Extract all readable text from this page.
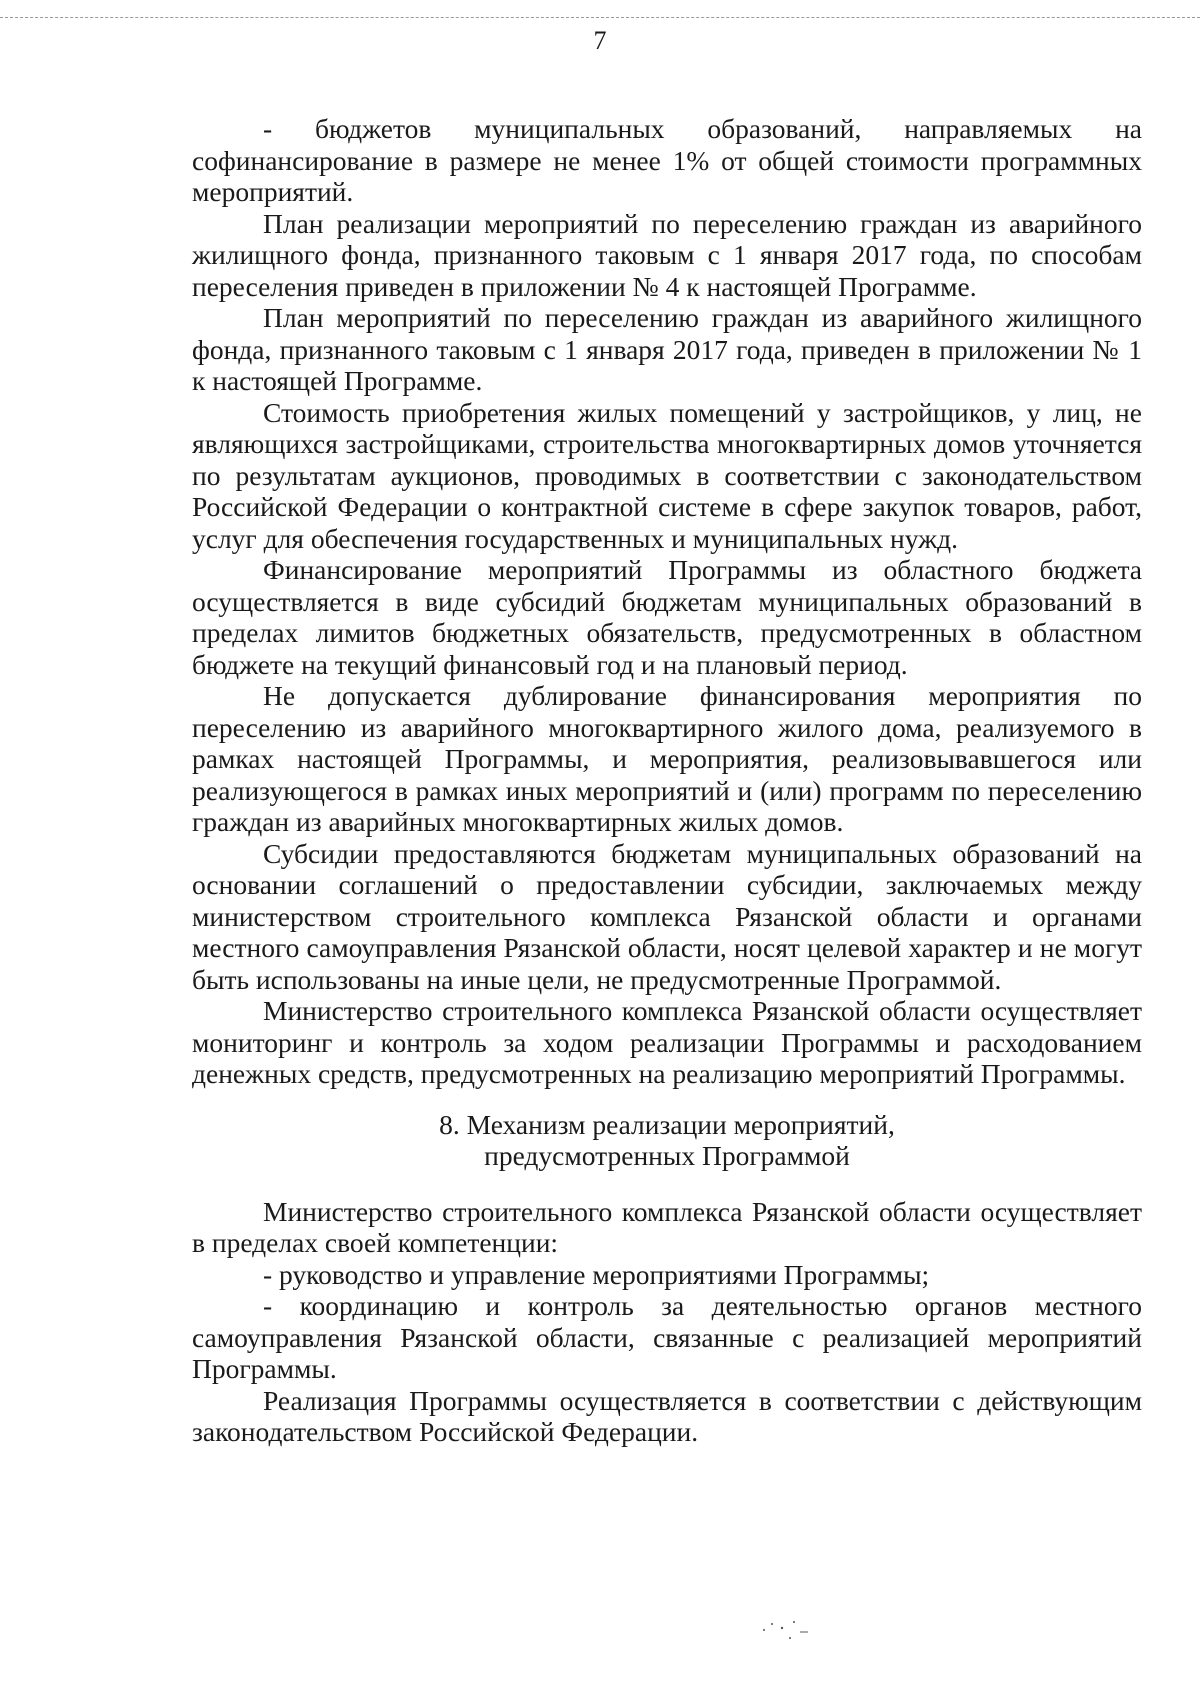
7

- бюджетов муниципальных образований, направляемых на софинансирование в размере не менее 1% от общей стоимости программных мероприятий.

План реализации мероприятий по переселению граждан из аварийного жилищного фонда, признанного таковым с 1 января 2017 года, по способам переселения приведен в приложении № 4 к настоящей Программе.

План мероприятий по переселению граждан из аварийного жилищного фонда, признанного таковым с 1 января 2017 года, приведен в приложении № 1 к настоящей Программе.

Стоимость приобретения жилых помещений у застройщиков, у лиц, не являющихся застройщиками, строительства многоквартирных домов уточняется по результатам аукционов, проводимых в соответствии с законодательством Российской Федерации о контрактной системе в сфере закупок товаров, работ, услуг для обеспечения государственных и муниципальных нужд.

Финансирование мероприятий Программы из областного бюджета осуществляется в виде субсидий бюджетам муниципальных образований в пределах лимитов бюджетных обязательств, предусмотренных в областном бюджете на текущий финансовый год и на плановый период.

Не допускается дублирование финансирования мероприятия по переселению из аварийного многоквартирного жилого дома, реализуемого в рамках настоящей Программы, и мероприятия, реализовывавшегося или реализующегося в рамках иных мероприятий и (или) программ по переселению граждан из аварийных многоквартирных жилых домов.

Субсидии предоставляются бюджетам муниципальных образований на основании соглашений о предоставлении субсидии, заключаемых между министерством строительного комплекса Рязанской области и органами местного самоуправления Рязанской области, носят целевой характер и не могут быть использованы на иные цели, не предусмотренные Программой.

Министерство строительного комплекса Рязанской области осуществляет мониторинг и контроль за ходом реализации Программы и расходованием денежных средств, предусмотренных на реализацию мероприятий Программы.

8. Механизм реализации мероприятий,
предусмотренных Программой

Министерство строительного комплекса Рязанской области осуществляет в пределах своей компетенции:

- руководство и управление мероприятиями Программы;

- координацию и контроль за деятельностью органов местного самоуправления Рязанской области, связанные с реализацией мероприятий Программы.

Реализация Программы осуществляется в соответствии с действующим законодательством Российской Федерации.
